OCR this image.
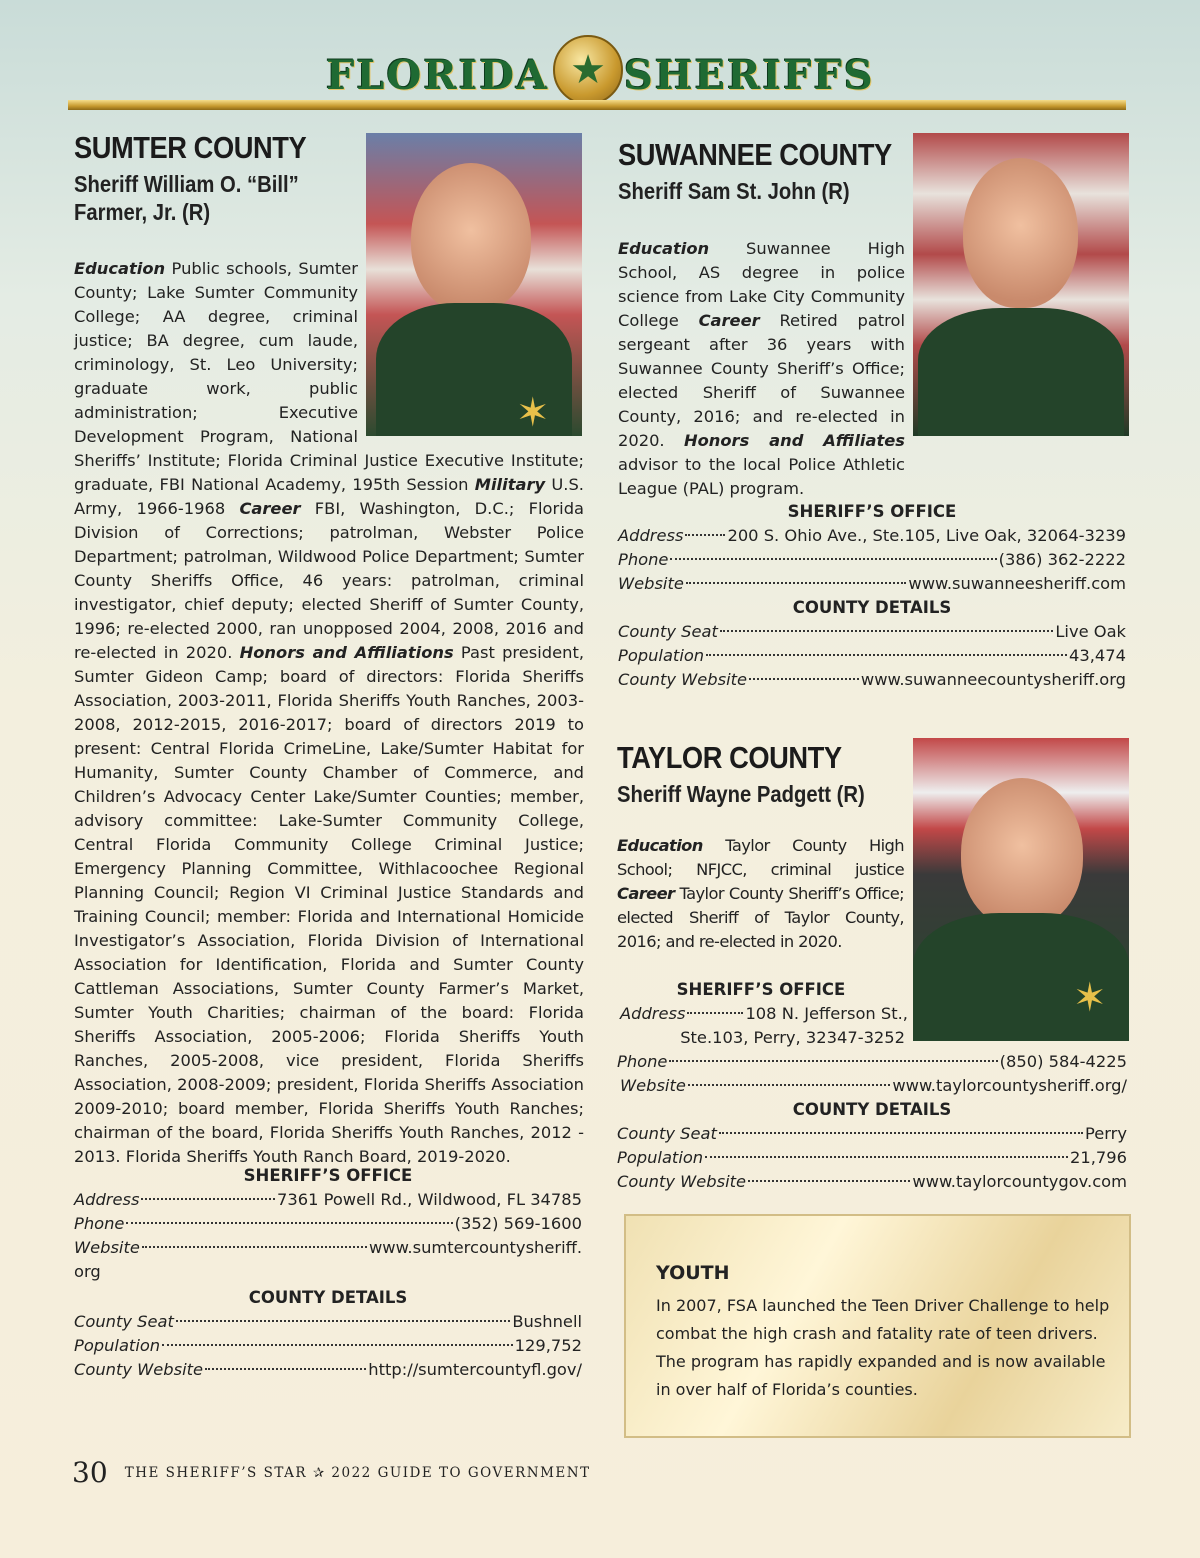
FLORIDA ★ SHERIFFS
SUMTER COUNTY
Sheriff William O. “Bill”
Farmer, Jr. (R)
✶
Education Public schools, Sumter County; Lake Sumter Community College; AA degree, criminal justice; BA degree, cum laude, criminology, St. Leo University; graduate work, public administration; Executive Development Program, National Sheriffs’ Institute; Florida Criminal Justice Executive Institute; graduate, FBI National Academy, 195th Session Military U.S. Army, 1966-1968 Career FBI, Washington, D.C.; Florida Division of Corrections; patrolman, Webster Police Department; patrolman, Wildwood Police Department; Sumter County Sheriffs Office, 46 years: patrolman, criminal investigator, chief deputy; elected Sheriff of Sumter County, 1996; re-elected 2000, ran unopposed 2004, 2008, 2016 and re-elected in 2020. Honors and Affiliations Past president, Sumter Gideon Camp; board of directors: Florida Sheriffs Association, 2003-2011, Florida Sheriffs Youth Ranches, 2003-2008, 2012-2015, 2016-2017; board of directors 2019 to present: Central Florida CrimeLine, Lake/Sumter Habitat for Humanity, Sumter County Chamber of Commerce, and Children’s Advocacy Center Lake/Sumter Counties; member, advisory committee: Lake-Sumter Community College, Central Florida Community College Criminal Justice; Emergency Planning Committee, Withlacoochee Regional Planning Council; Region VI Criminal Justice Standards and Training Council; member: Florida and International Homicide Investigator’s Association, Florida Division of International Association for Identification, Florida and Sumter County Cattleman Associations, Sumter County Farmer’s Market, Sumter Youth Charities; chairman of the board: Florida Sheriffs Association, 2005-2006; Florida Sheriffs Youth Ranches, 2005-2008, vice president, Florida Sheriffs Association, 2008-2009; president, Florida Sheriffs Association 2009-2010; board member, Florida Sheriffs Youth Ranches; chairman of the board, Florida Sheriffs Youth Ranches, 2012 - 2013. Florida Sheriffs Youth Ranch Board, 2019-2020.

SHERIFF’S OFFICE

Address	7361 Powell Rd., Wildwood, FL 34785
Phone	(352) 569-1600
Website	www.sumtercountysheriff.
org

COUNTY DETAILS

County Seat	Bushnell
Population	129,752
County Website	http://sumtercountyfl.gov/
SUWANNEE COUNTY
Sheriff Sam St. John (R)
Education Suwannee High School, AS degree in police science from Lake City Community College Career Retired patrol sergeant after 36 years with Suwannee County Sheriff’s Office; elected Sheriff of Suwannee County, 2016; and re-elected in 2020. Honors and Affiliates advisor to the local Police Athletic League (PAL) program.

SHERIFF’S OFFICE

Address	200 S. Ohio Ave., Ste.105, Live Oak, 32064-3239
Phone	(386) 362-2222
Website	www.suwanneesheriff.com

COUNTY DETAILS

County Seat	Live Oak
Population	43,474
County Website	www.suwanneecountysheriff.org
TAYLOR COUNTY
Sheriff Wayne Padgett (R)
✶
Education Taylor County High School; NFJCC, criminal justice Career Taylor County Sheriff’s Office; elected Sheriff of Taylor County, 2016; and re-elected in 2020.

SHERIFF’S OFFICE

Address	108 N. Jefferson St.,
Ste.103, Perry, 32347-3252
Phone	(850) 584-4225
Website	www.taylorcountysheriff.org/

COUNTY DETAILS

County Seat	Perry
Population	21,796
County Website	www.taylorcountygov.com
YOUTH

In 2007, FSA launched the Teen Driver Challenge to help combat the high crash and fatality rate of teen drivers. The program has rapidly expanded and is now available in over half of Florida’s counties.

30 THE SHERIFF’S STAR ✰ 2022 GUIDE TO GOVERNMENT
